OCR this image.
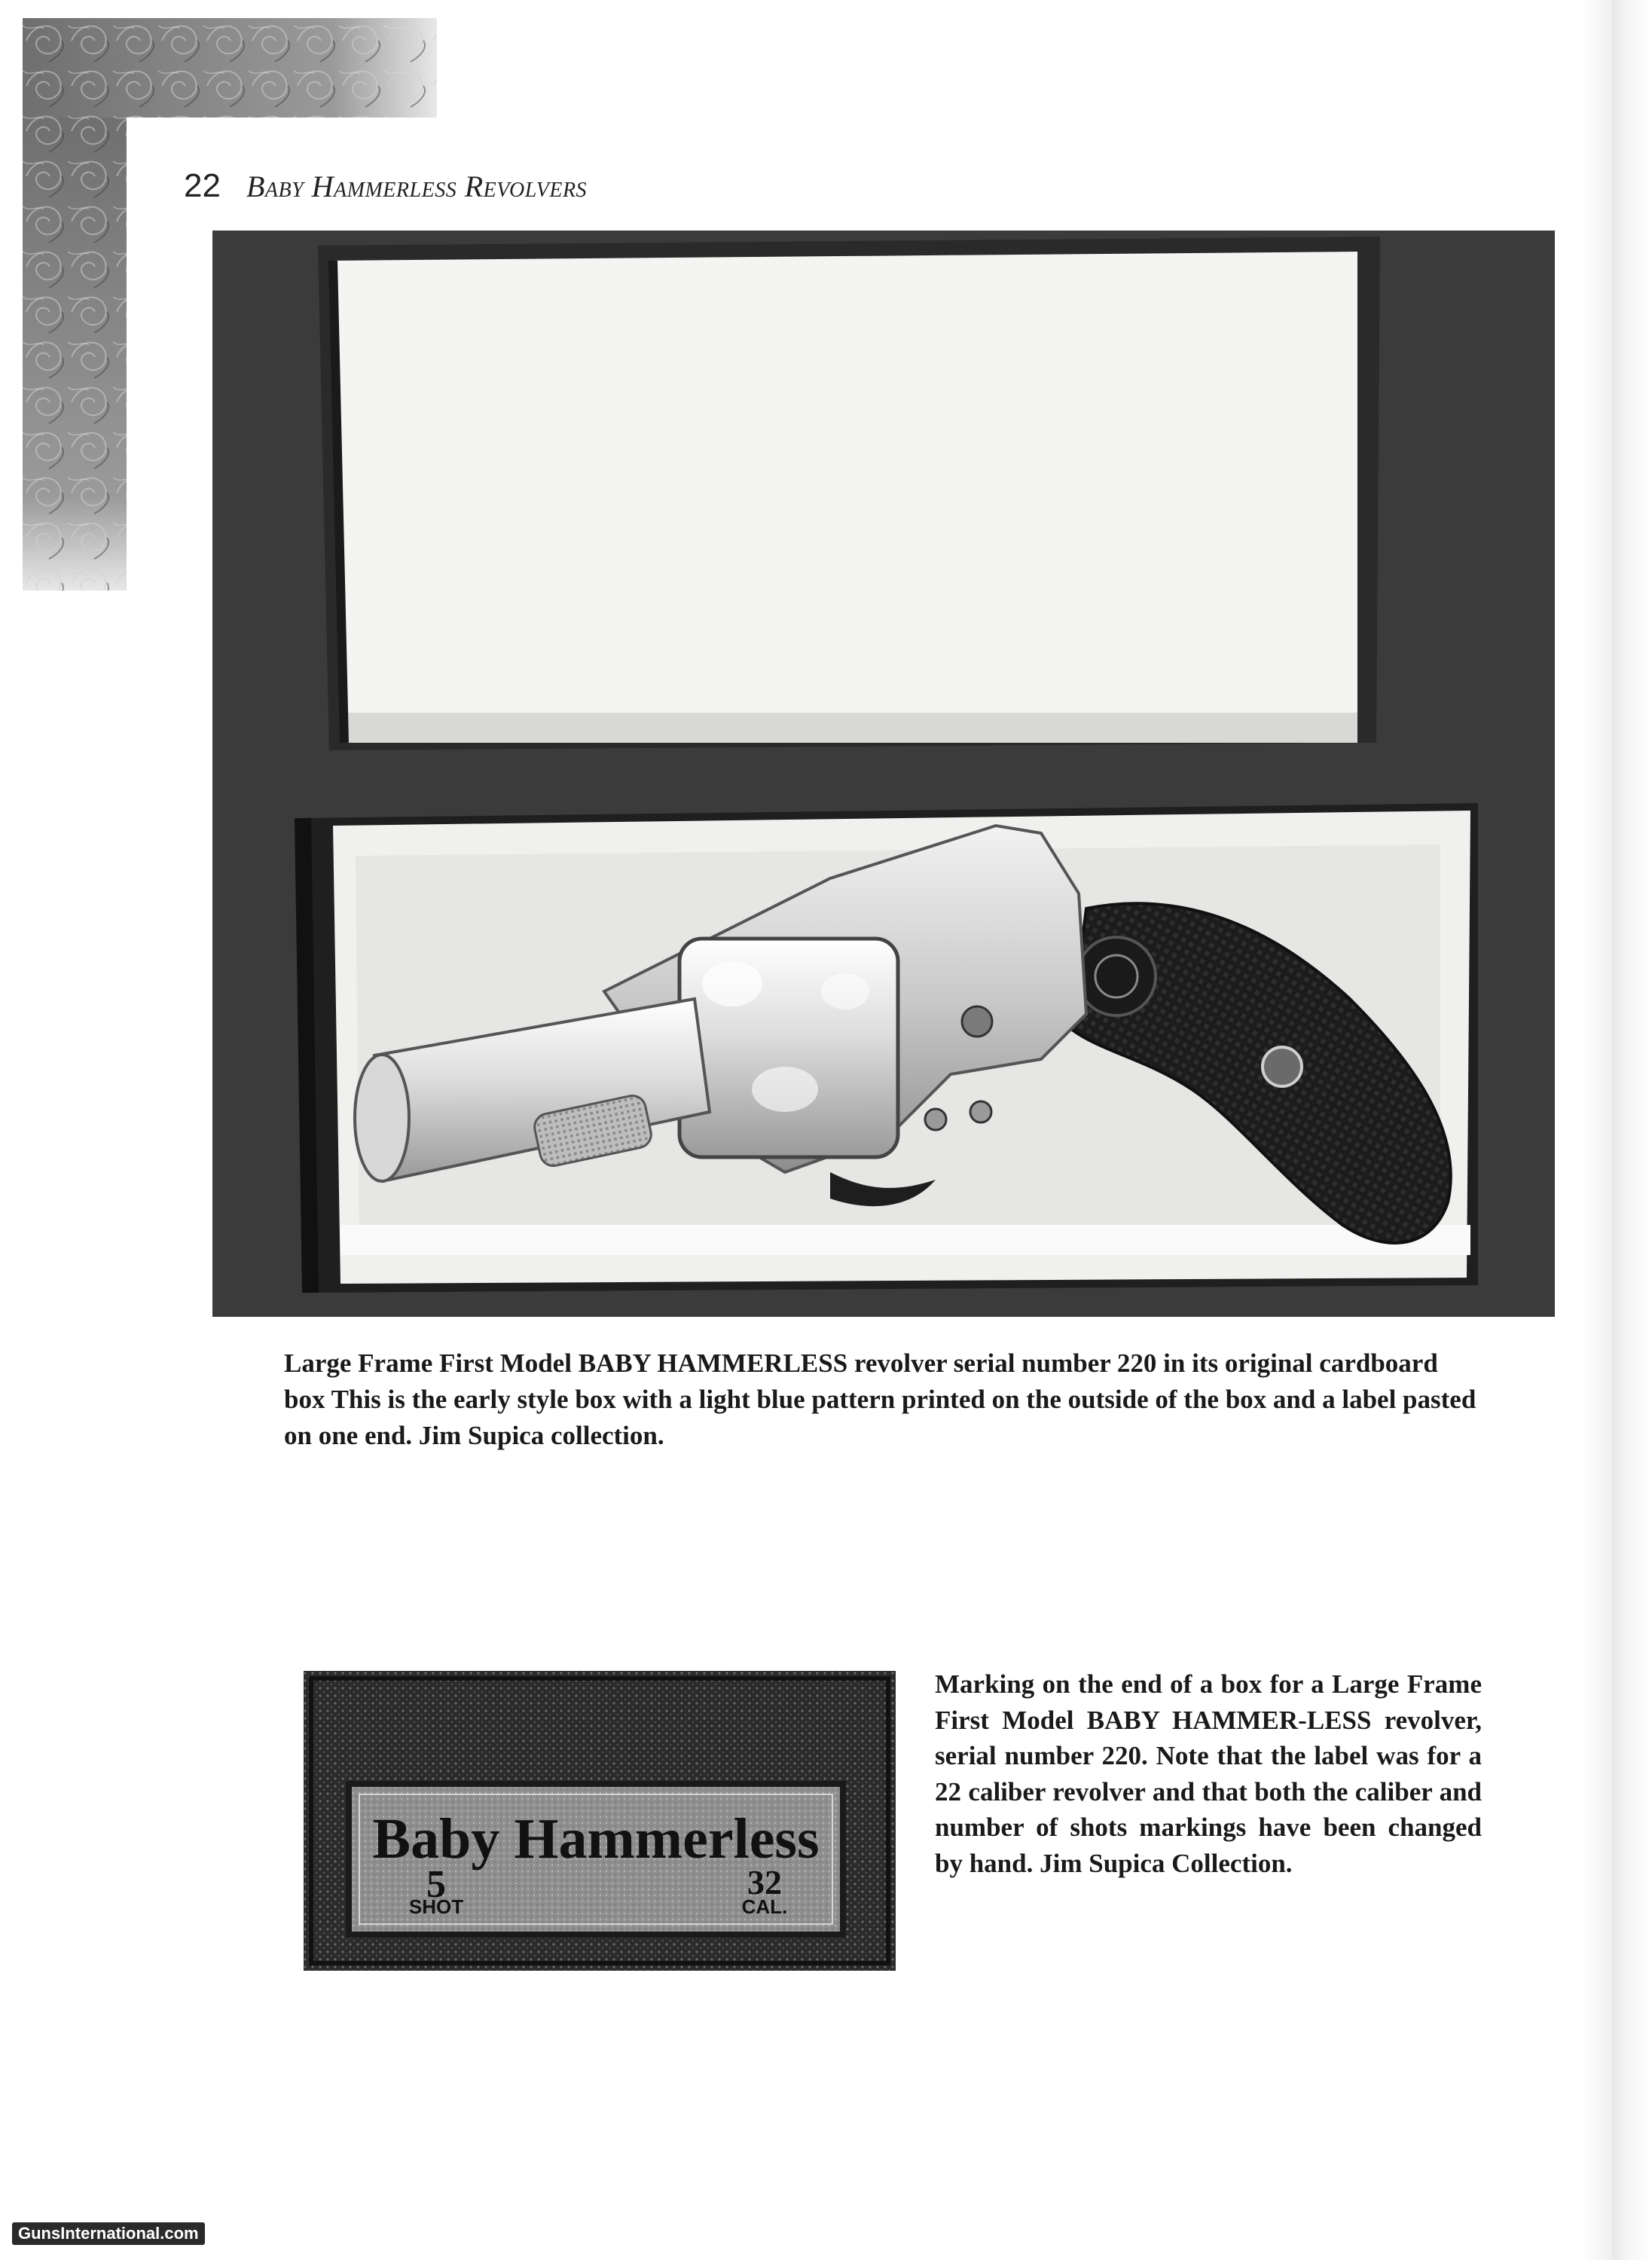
22 Baby Hammerless Revolvers

Large Frame First Model BABY HAMMERLESS revolver serial number 220 in its original cardboard box This is the early style box with a light blue pattern printed on the outside of the box and a label pasted on one end. Jim Supica collection.

Baby Hammerless
5
SHOT
32
CAL.

Marking on the end of a box for a Large Frame First Model BABY HAMMER-LESS revolver, serial number 220. Note that the label was for a 22 caliber revolver and that both the caliber and number of shots markings have been changed by hand. Jim Supica Collection.

GunsInternational.com
